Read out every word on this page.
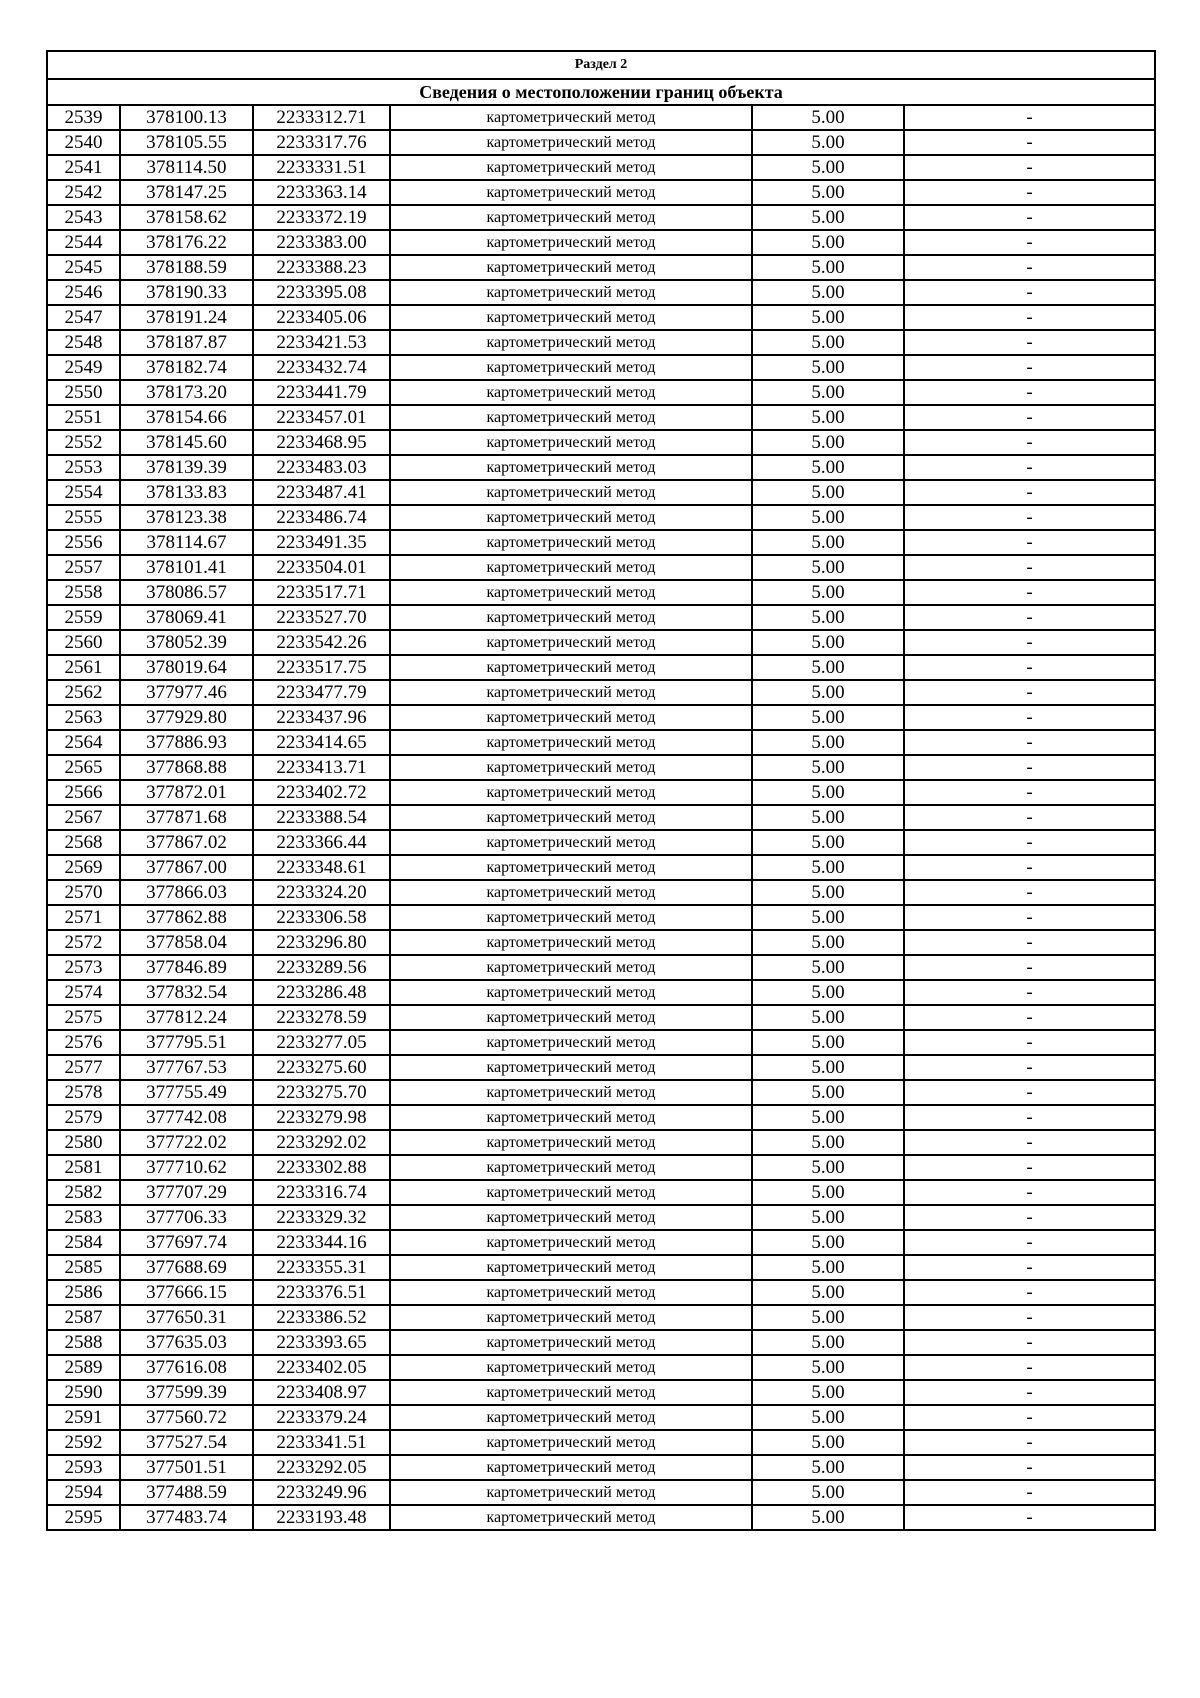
Раздел 2					
Сведения о местоположении границ объекта					
2539	378100.13	2233312.71	картометрический метод	5.00	-
2540	378105.55	2233317.76	картометрический метод	5.00	-
2541	378114.50	2233331.51	картометрический метод	5.00	-
2542	378147.25	2233363.14	картометрический метод	5.00	-
2543	378158.62	2233372.19	картометрический метод	5.00	-
2544	378176.22	2233383.00	картометрический метод	5.00	-
2545	378188.59	2233388.23	картометрический метод	5.00	-
2546	378190.33	2233395.08	картометрический метод	5.00	-
2547	378191.24	2233405.06	картометрический метод	5.00	-
2548	378187.87	2233421.53	картометрический метод	5.00	-
2549	378182.74	2233432.74	картометрический метод	5.00	-
2550	378173.20	2233441.79	картометрический метод	5.00	-
2551	378154.66	2233457.01	картометрический метод	5.00	-
2552	378145.60	2233468.95	картометрический метод	5.00	-
2553	378139.39	2233483.03	картометрический метод	5.00	-
2554	378133.83	2233487.41	картометрический метод	5.00	-
2555	378123.38	2233486.74	картометрический метод	5.00	-
2556	378114.67	2233491.35	картометрический метод	5.00	-
2557	378101.41	2233504.01	картометрический метод	5.00	-
2558	378086.57	2233517.71	картометрический метод	5.00	-
2559	378069.41	2233527.70	картометрический метод	5.00	-
2560	378052.39	2233542.26	картометрический метод	5.00	-
2561	378019.64	2233517.75	картометрический метод	5.00	-
2562	377977.46	2233477.79	картометрический метод	5.00	-
2563	377929.80	2233437.96	картометрический метод	5.00	-
2564	377886.93	2233414.65	картометрический метод	5.00	-
2565	377868.88	2233413.71	картометрический метод	5.00	-
2566	377872.01	2233402.72	картометрический метод	5.00	-
2567	377871.68	2233388.54	картометрический метод	5.00	-
2568	377867.02	2233366.44	картометрический метод	5.00	-
2569	377867.00	2233348.61	картометрический метод	5.00	-
2570	377866.03	2233324.20	картометрический метод	5.00	-
2571	377862.88	2233306.58	картометрический метод	5.00	-
2572	377858.04	2233296.80	картометрический метод	5.00	-
2573	377846.89	2233289.56	картометрический метод	5.00	-
2574	377832.54	2233286.48	картометрический метод	5.00	-
2575	377812.24	2233278.59	картометрический метод	5.00	-
2576	377795.51	2233277.05	картометрический метод	5.00	-
2577	377767.53	2233275.60	картометрический метод	5.00	-
2578	377755.49	2233275.70	картометрический метод	5.00	-
2579	377742.08	2233279.98	картометрический метод	5.00	-
2580	377722.02	2233292.02	картометрический метод	5.00	-
2581	377710.62	2233302.88	картометрический метод	5.00	-
2582	377707.29	2233316.74	картометрический метод	5.00	-
2583	377706.33	2233329.32	картометрический метод	5.00	-
2584	377697.74	2233344.16	картометрический метод	5.00	-
2585	377688.69	2233355.31	картометрический метод	5.00	-
2586	377666.15	2233376.51	картометрический метод	5.00	-
2587	377650.31	2233386.52	картометрический метод	5.00	-
2588	377635.03	2233393.65	картометрический метод	5.00	-
2589	377616.08	2233402.05	картометрический метод	5.00	-
2590	377599.39	2233408.97	картометрический метод	5.00	-
2591	377560.72	2233379.24	картометрический метод	5.00	-
2592	377527.54	2233341.51	картометрический метод	5.00	-
2593	377501.51	2233292.05	картометрический метод	5.00	-
2594	377488.59	2233249.96	картометрический метод	5.00	-
2595	377483.74	2233193.48	картометрический метод	5.00	-
